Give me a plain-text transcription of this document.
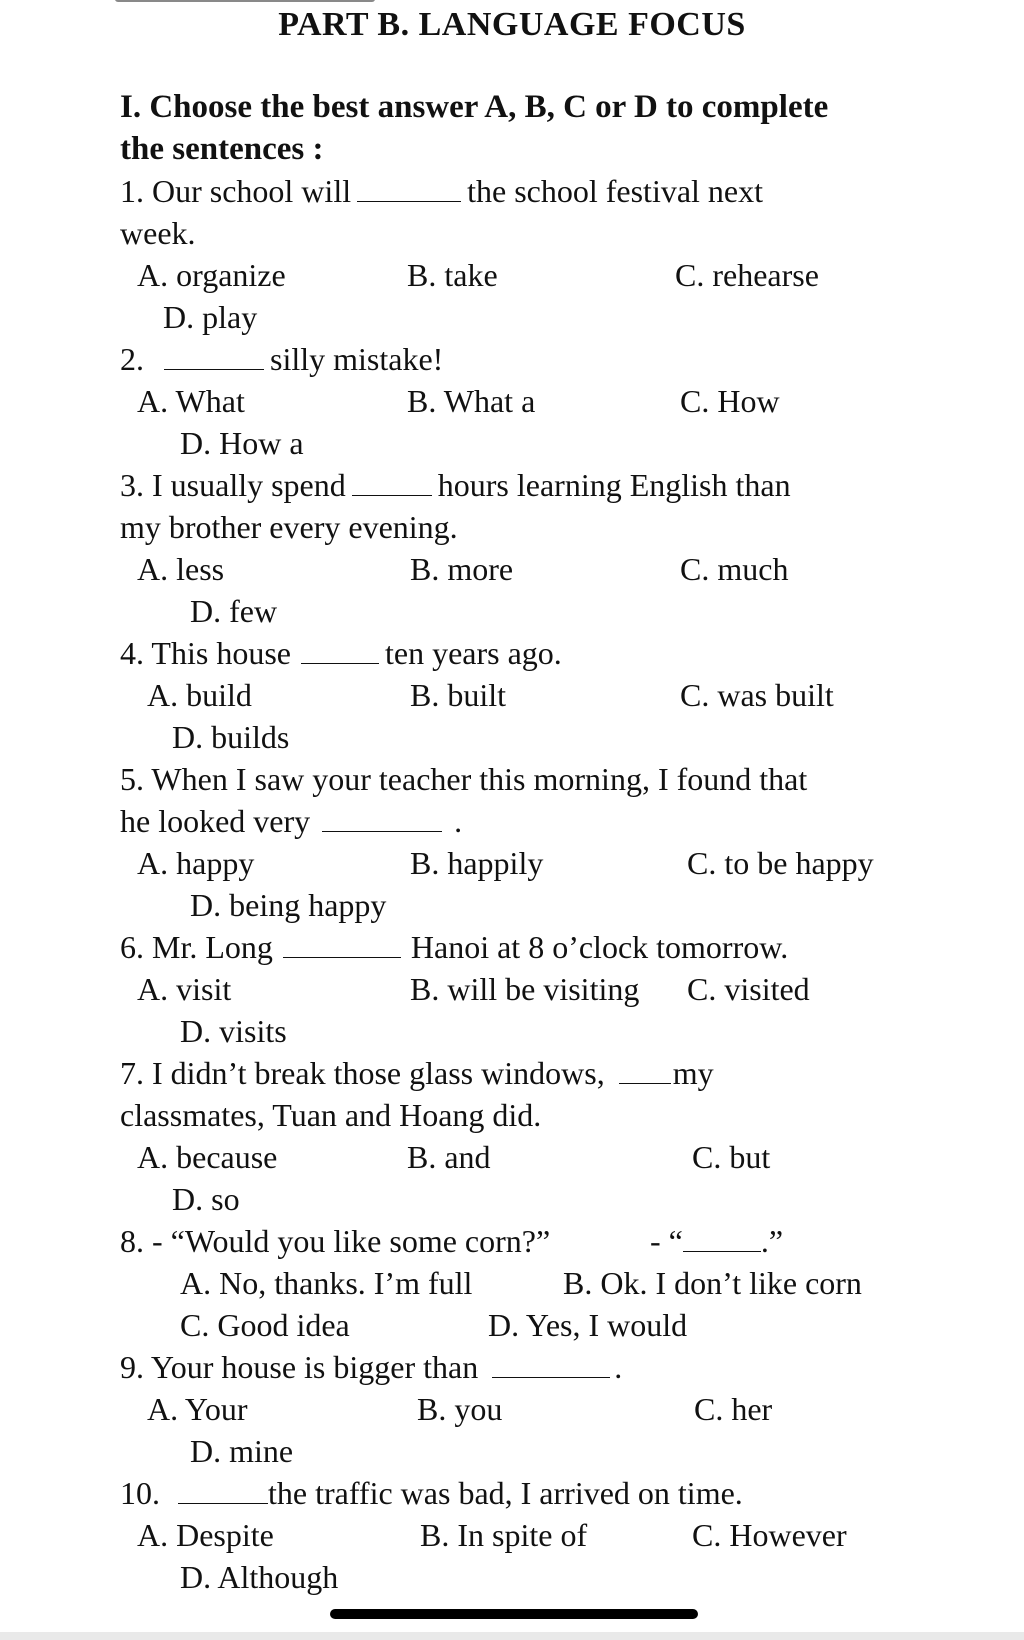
PART B. LANGUAGE FOCUS
I. Choose the best answer A, B, C or D to complete
the sentences :
1. Our school will	the school festival next
week.
A. organize	B. take	C. rehearse
D. play
2.	silly mistake!
A. What	B. What a	C. How
D. How a
3. I usually spend	hours learning English than
my brother every evening.
A. less	B. more	C. much
D. few
4. This house	ten years ago.
A. build	B. built	C. was built
D. builds
5. When I saw your teacher this morning, I found that
he looked very	.
A. happy	B. happily	C. to be happy
D. being happy
6. Mr. Long	Hanoi at 8 o’clock tomorrow.
A. visit	B. will be visiting C. visited
D. visits
7. I didn’t break those glass windows, my
classmates, Tuan and Hoang did.
A. because	B. and	C. but
D. so
8. - “Would you like some corn?”	- “ .”
A. No, thanks. I’m full	B. Ok. I don’t like corn
C. Good idea	D. Yes, I would
9. Your house is bigger than	.
A. Your	B. you	C. her
D. mine
10.	the traffic was bad, I arrived on time.
A. Despite	B. In spite of	C. However
D. Although
